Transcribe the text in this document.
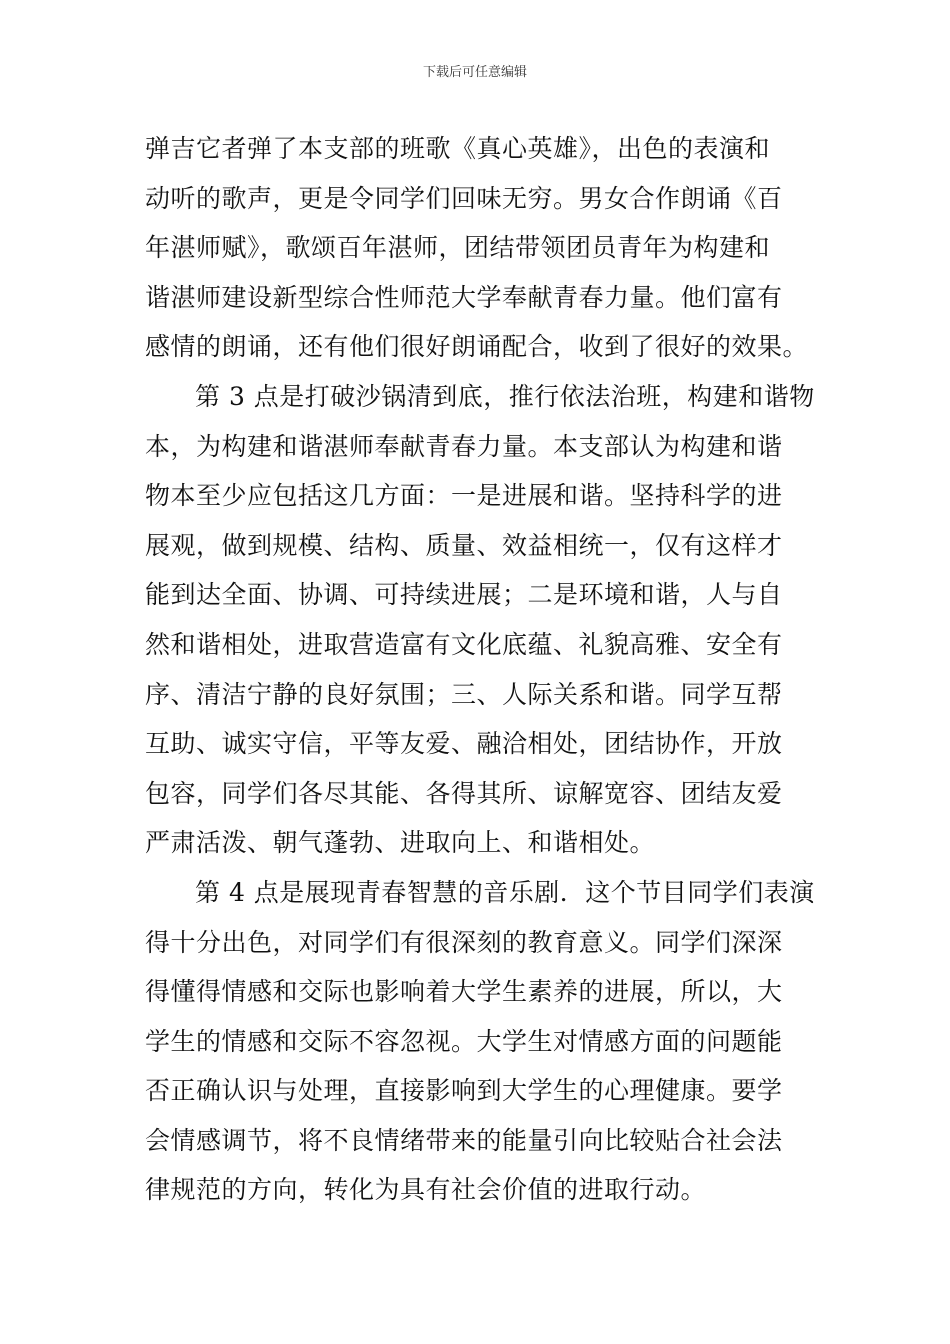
下载后可任意编辑
弹吉它者弹了本支部的班歌《真心英雄》，出色的表演和
动听的歌声，更是令同学们回味无穷。男女合作朗诵《百
年湛师赋》，歌颂百年湛师，团结带领团员青年为构建和
谐湛师建设新型综合性师范大学奉献青春力量。他们富有
感情的朗诵，还有他们很好朗诵配合，收到了很好的效果。
第 3 点是打破沙锅清到底，推行依法治班，构建和谐物
本，为构建和谐湛师奉献青春力量。本支部认为构建和谐
物本至少应包括这几方面：一是进展和谐。坚持科学的进
展观，做到规模、结构、质量、效益相统一，仅有这样才
能到达全面、协调、可持续进展；二是环境和谐，人与自
然和谐相处，进取营造富有文化底蕴、礼貌高雅、安全有
序、清洁宁静的良好氛围；三、人际关系和谐。同学互帮
互助、诚实守信，平等友爱、融洽相处，团结协作，开放
包容，同学们各尽其能、各得其所、谅解宽容、团结友爱
严肃活泼、朝气蓬勃、进取向上、和谐相处。
第 4 点是展现青春智慧的音乐剧．这个节目同学们表演
得十分出色，对同学们有很深刻的教育意义。同学们深深
得懂得情感和交际也影响着大学生素养的进展，所以，大
学生的情感和交际不容忽视。大学生对情感方面的问题能
否正确认识与处理，直接影响到大学生的心理健康。要学
会情感调节，将不良情绪带来的能量引向比较贴合社会法
律规范的方向，转化为具有社会价值的进取行动。
